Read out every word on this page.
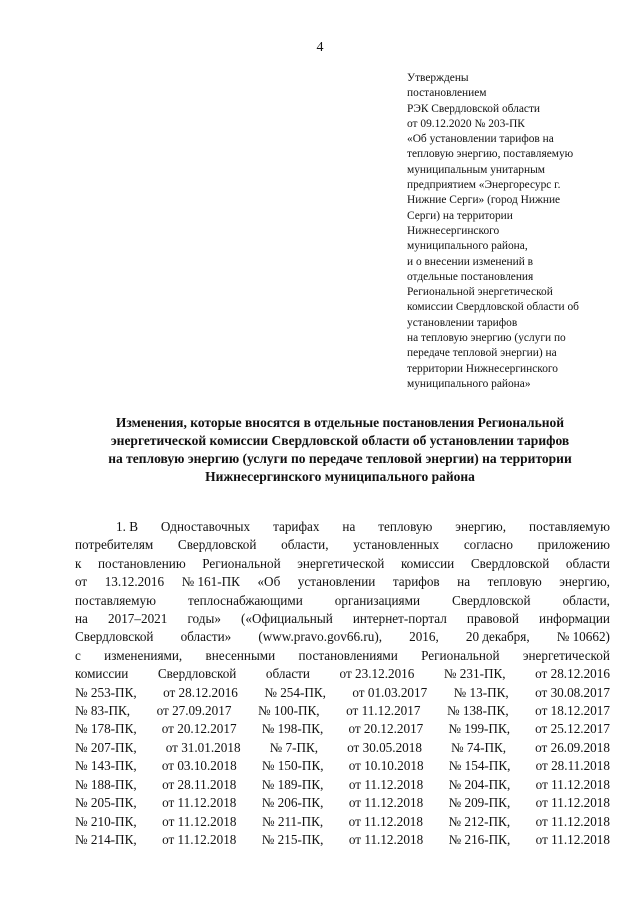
4
Утверждены
постановлением
РЭК Свердловской области
от 09.12.2020 № 203-ПК
«Об установлении тарифов на
тепловую энергию, поставляемую
муниципальным унитарным
предприятием «Энергоресурс г.
Нижние Серги» (город Нижние
Серги) на территории
Нижнесергинского
муниципального района,
и о внесении изменений в
отдельные постановления
Региональной энергетической
комиссии Свердловской области об
установлении тарифов
на тепловую энергию (услуги по
передаче тепловой энергии) на
территории Нижнесергинского
муниципального района»
Изменения, которые вносятся в отдельные постановления Региональной
энергетической комиссии Свердловской области об установлении тарифов
на тепловую энергию (услуги по передаче тепловой энергии) на территории
Нижнесергинского муниципального района
1. В Одноставочных тарифах на тепловую энергию, поставляемую
потребителям Свердловской области, установленных согласно приложению
к постановлению Региональной энергетической комиссии Свердловской области
от 13.12.2016 № 161-ПК «Об установлении тарифов на тепловую энергию,
поставляемую теплоснабжающими организациями Свердловской области,
на 2017–2021 годы» («Официальный интернет-портал правовой информации
Свердловской области» (www.pravo.gov66.ru), 2016, 20 декабря, № 10662)
с изменениями, внесенными постановлениями Региональной энергетической
комиссии Свердловской области от 23.12.2016 № 231-ПК, от 28.12.2016
№ 253-ПК, от 28.12.2016 № 254-ПК, от 01.03.2017 № 13-ПК, от 30.08.2017
№ 83-ПК, от 27.09.2017 № 100-ПК, от 11.12.2017 № 138-ПК, от 18.12.2017
№ 178-ПК, от 20.12.2017 № 198-ПК, от 20.12.2017 № 199-ПК, от 25.12.2017
№ 207-ПК, от 31.01.2018 № 7-ПК, от 30.05.2018 № 74-ПК, от 26.09.2018
№ 143-ПК, от 03.10.2018 № 150-ПК, от 10.10.2018 № 154-ПК, от 28.11.2018
№ 188-ПК, от 28.11.2018 № 189-ПК, от 11.12.2018 № 204-ПК, от 11.12.2018
№ 205-ПК, от 11.12.2018 № 206-ПК, от 11.12.2018 № 209-ПК, от 11.12.2018
№ 210-ПК, от 11.12.2018 № 211-ПК, от 11.12.2018 № 212-ПК, от 11.12.2018
№ 214-ПК, от 11.12.2018 № 215-ПК, от 11.12.2018 № 216-ПК, от 11.12.2018
